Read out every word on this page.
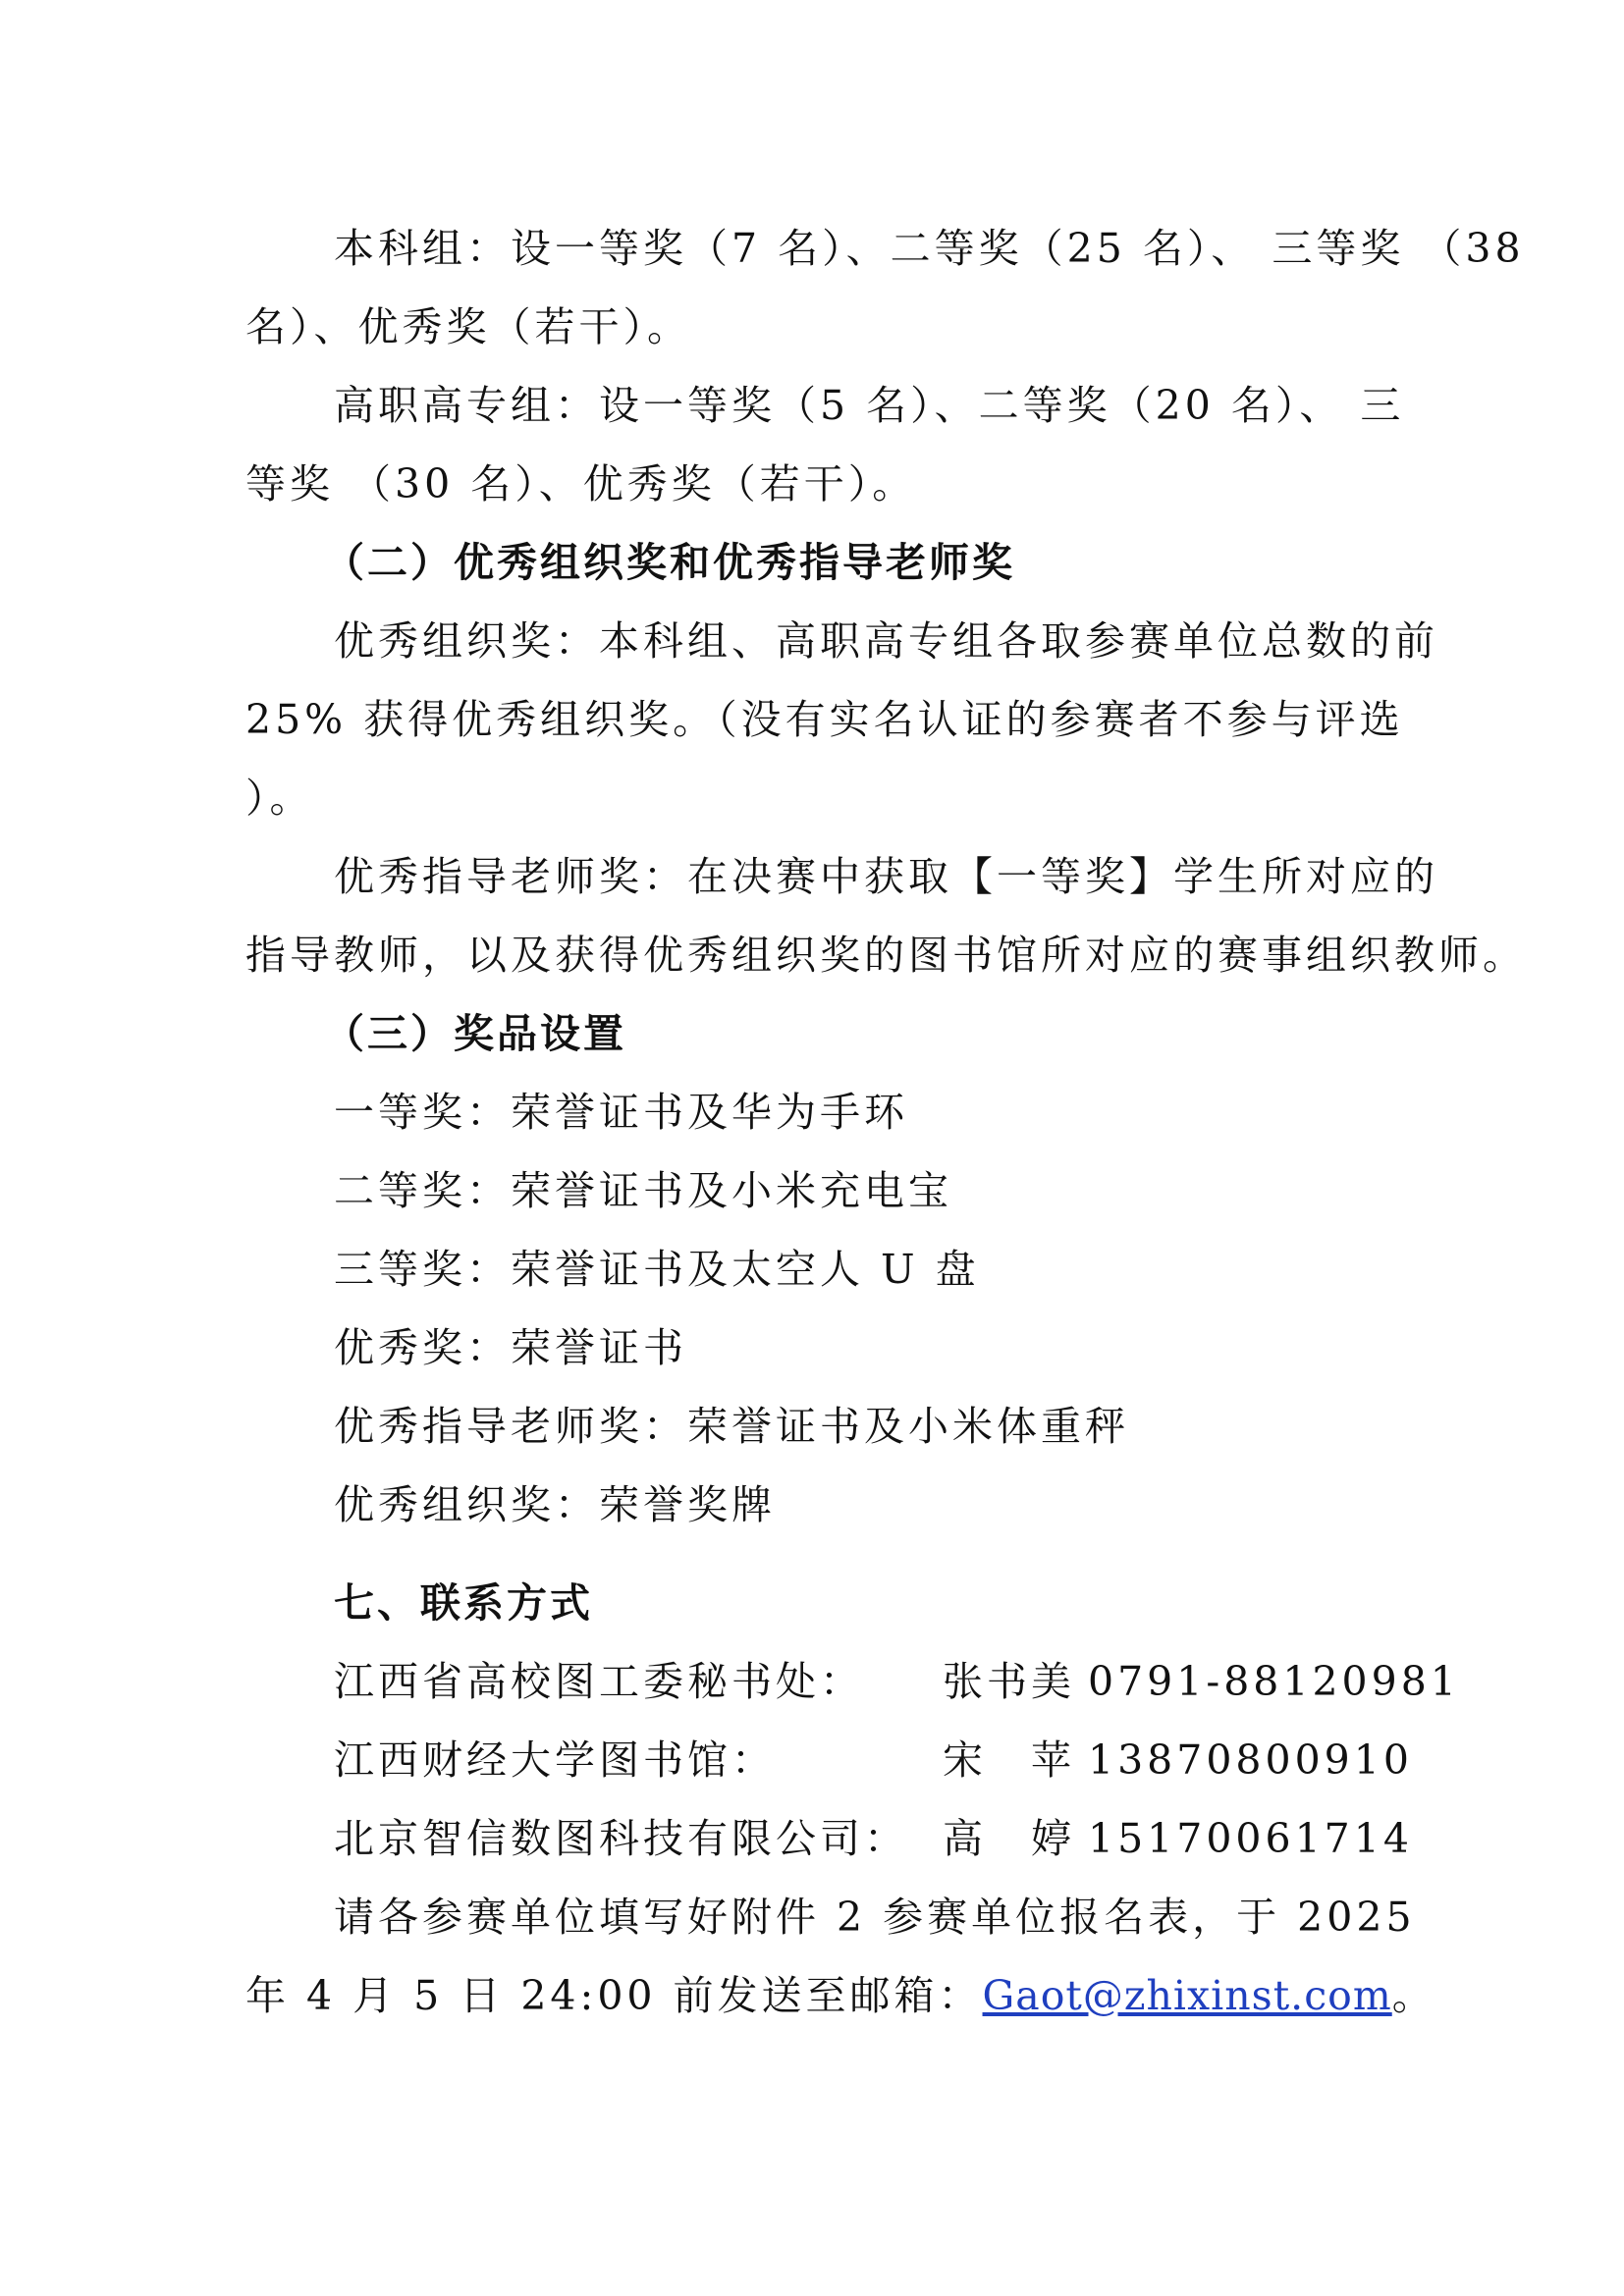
本科组：设一等奖（7 名）、二等奖（25 名）、 三等奖 （38
名）、优秀奖（若干）。
高职高专组：设一等奖（5 名）、二等奖（20 名）、 三
等奖 （30 名）、优秀奖（若干）。
（二）优秀组织奖和优秀指导老师奖
优秀组织奖：本科组、高职高专组各取参赛单位总数的前
25% 获得优秀组织奖。（没有实名认证的参赛者不参与评选
）。
优秀指导老师奖：在决赛中获取【一等奖】学生所对应的
指导教师，以及获得优秀组织奖的图书馆所对应的赛事组织教师。
（三）奖品设置
一等奖：荣誉证书及华为手环
二等奖：荣誉证书及小米充电宝
三等奖：荣誉证书及太空人 U 盘
优秀奖：荣誉证书
优秀指导老师奖：荣誉证书及小米体重秤
优秀组织奖：荣誉奖牌
七、联系方式
江西省高校图工委秘书处： 张书美 0791-88120981
江西财经大学图书馆：	宋　苹 13870800910
北京智信数图科技有限公司： 高　婷 15170061714
请各参赛单位填写好附件 2 参赛单位报名表，于 2025
年 4 月 5 日 24:00 前发送至邮箱：Gaot@zhixinst.com。
